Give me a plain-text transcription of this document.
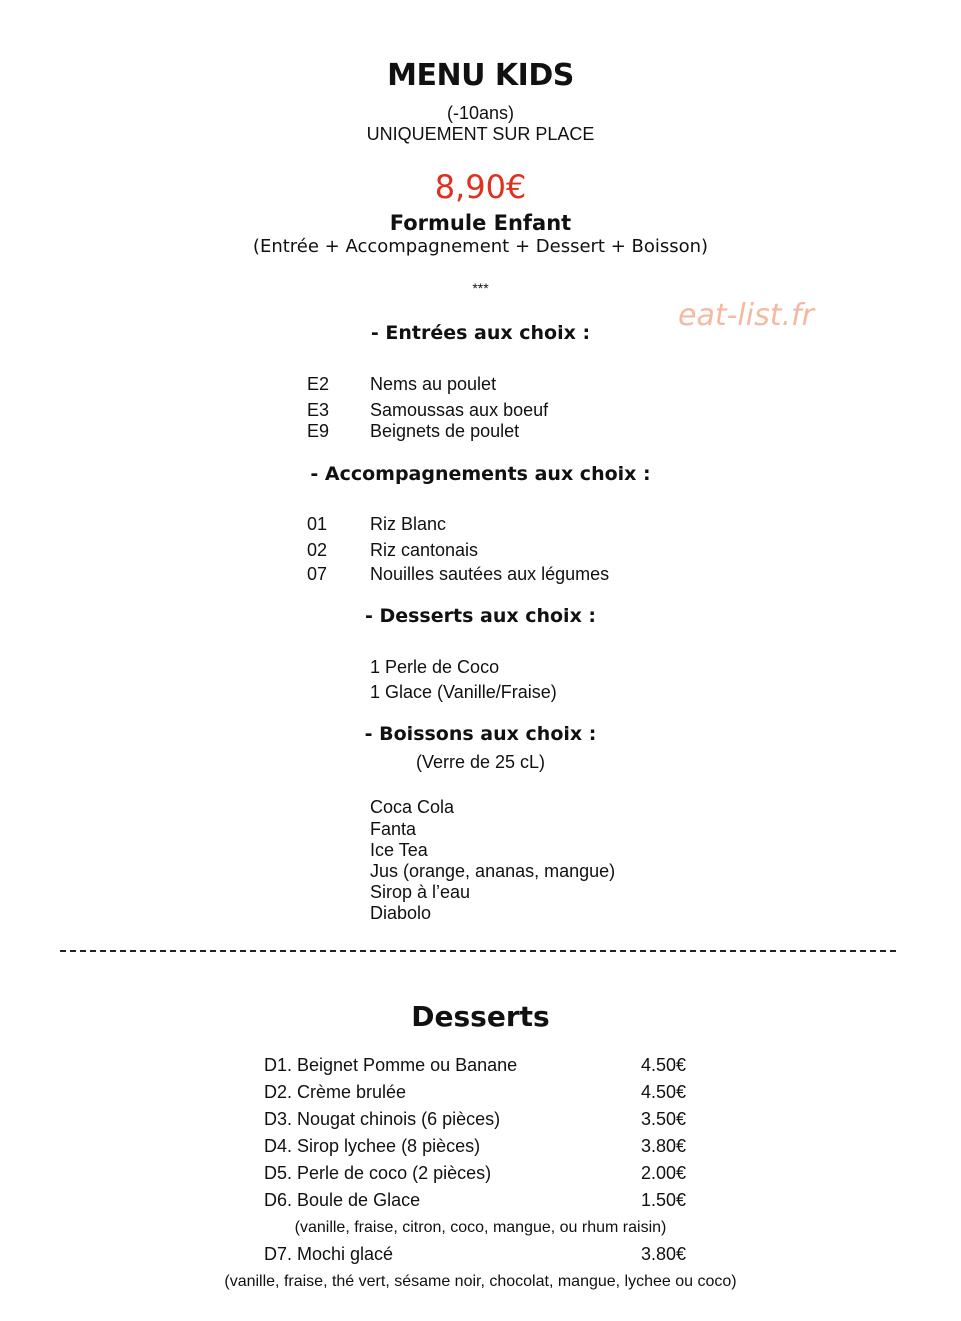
MENU KIDS
(-10ans)
UNIQUEMENT SUR PLACE
8,90€
Formule Enfant
(Entrée + Accompagnement + Dessert + Boisson)
***
eat-list.fr
- Entrées aux choix :
E2 Nems au poulet
E3 Samoussas aux boeuf
E9 Beignets de poulet
- Accompagnements aux choix :
01 Riz Blanc
02 Riz cantonais
07 Nouilles sautées aux légumes
- Desserts aux choix :
1 Perle de Coco
1 Glace (Vanille/Fraise)
- Boissons aux choix :
(Verre de 25 cL)
Coca Cola
Fanta
Ice Tea
Jus (orange, ananas, mangue)
Sirop à l’eau
Diabolo
Desserts
D1. Beignet Pomme ou Banane	4.50€
D2. Crème brulée	4.50€
D3. Nougat chinois (6 pièces)	3.50€
D4. Sirop lychee (8 pièces)	3.80€
D5. Perle de coco (2 pièces)	2.00€
D6. Boule de Glace	1.50€
(vanille, fraise, citron, coco, mangue, ou rhum raisin)
D7. Mochi glacé	3.80€
(vanille, fraise, thé vert, sésame noir, chocolat, mangue, lychee ou coco)
